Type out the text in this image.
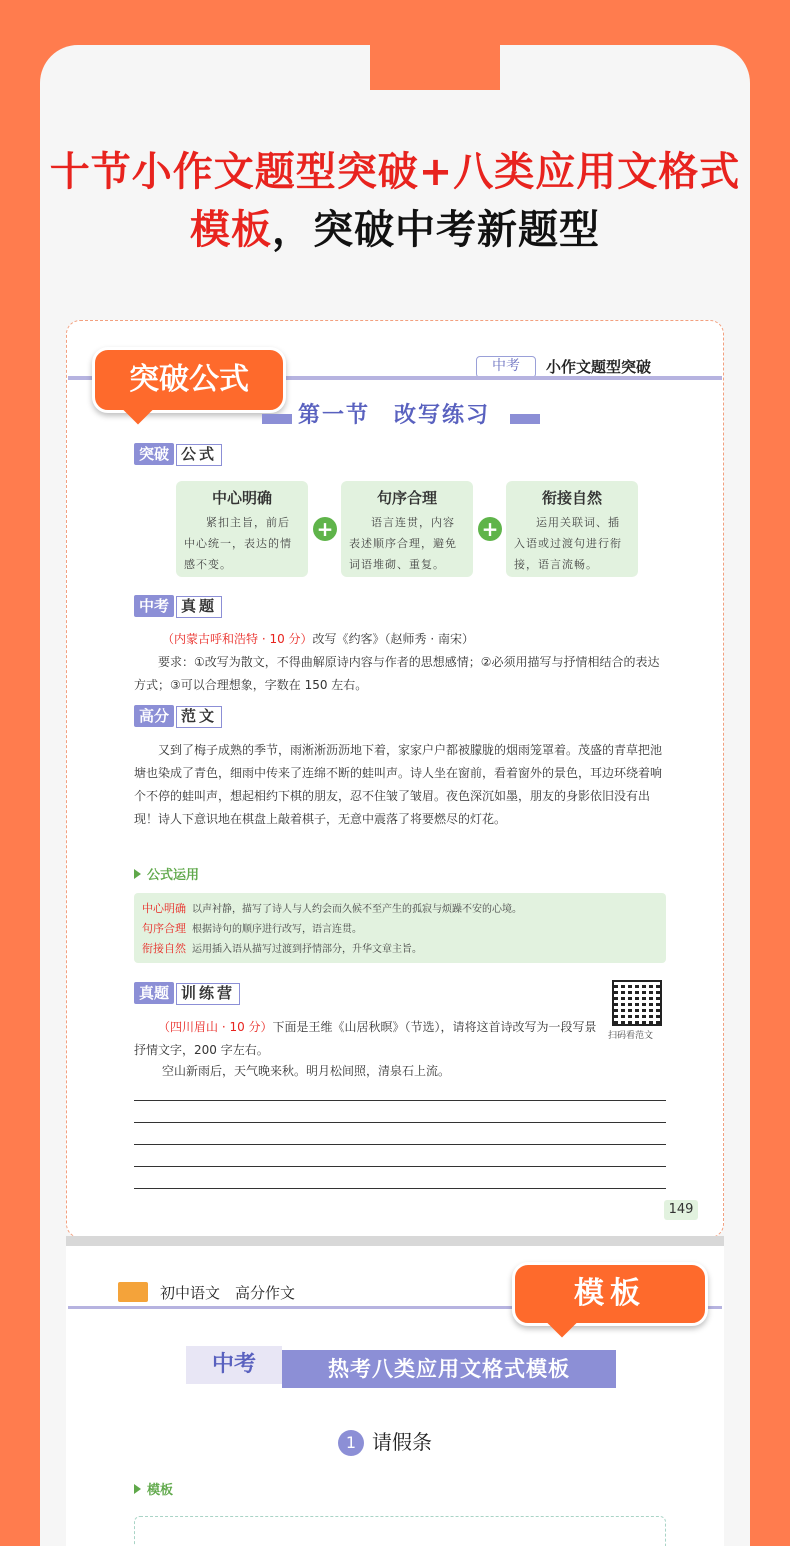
十节小作文题型突破+八类应用文格式
模板，突破中考新题型
中考	小作文题型突破
突破公式
第一节　改写练习
突破 公式
中心明确
紧扣主旨，前后中心统一，表达的情感不变。
+
句序合理
语言连贯，内容表述顺序合理，避免词语堆砌、重复。
+
衔接自然
运用关联词、插入语或过渡句进行衔接，语言流畅。
中考 真题
（内蒙古呼和浩特 · 10 分）改写《约客》（赵师秀 · 南宋）
要求：①改写为散文，不得曲解原诗内容与作者的思想感情；②必须用描写与抒情相结合的表达方式；③可以合理想象，字数在 150 左右。
高分 范文
又到了梅子成熟的季节，雨淅淅沥沥地下着，家家户户都被朦胧的烟雨笼罩着。茂盛的青草把池塘也染成了青色，细雨中传来了连绵不断的蛙叫声。诗人坐在窗前，看着窗外的景色，耳边环绕着响个不停的蛙叫声，想起相约下棋的朋友，忍不住皱了皱眉。夜色深沉如墨，朋友的身影依旧没有出现！诗人下意识地在棋盘上敲着棋子，无意中震落了将要燃尽的灯花。
公式运用
中心明确 以声衬静，描写了诗人与人约会而久候不至产生的孤寂与烦躁不安的心境。
句序合理 根据诗句的顺序进行改写，语言连贯。
衔接自然 运用插入语从描写过渡到抒情部分，升华文章主旨。
真题 训练营
扫码看范文
（四川眉山 · 10 分）下面是王维《山居秋暝》（节选），请将这首诗改写为一段写景抒情文字，200 字左右。
空山新雨后，天气晚来秋。明月松间照，清泉石上流。
149
初中语文　高分作文	模板
中考	热考八类应用文格式模板
1 请假条
模板
